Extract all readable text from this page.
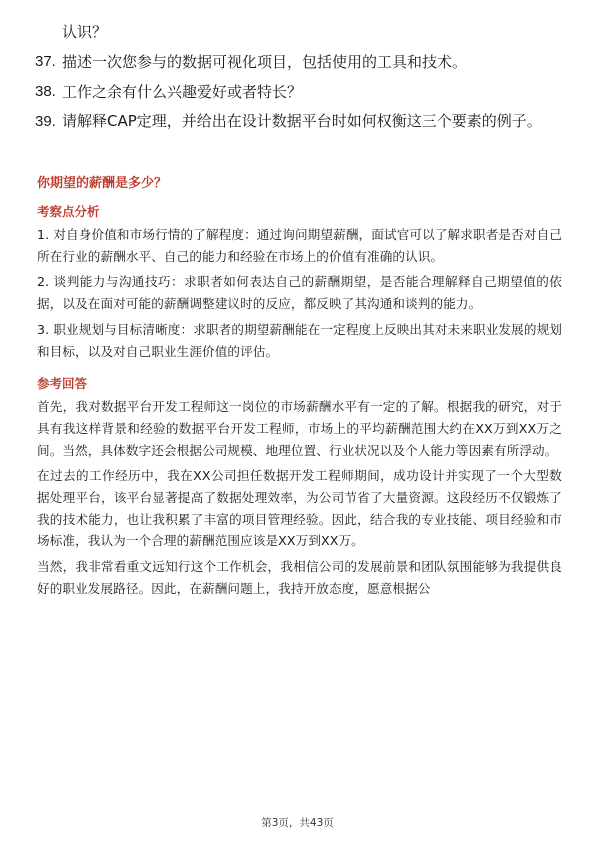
认识？
37. 描述一次您参与的数据可视化项目，包括使用的工具和技术。
38. 工作之余有什么兴趣爱好或者特长？
39. 请解释CAP定理，并给出在设计数据平台时如何权衡这三个要素的例子。
你期望的薪酬是多少？
考察点分析
1. 对自身价值和市场行情的了解程度：通过询问期望薪酬，面试官可以了解求职者是否对自己所在行业的薪酬水平、自己的能力和经验在市场上的价值有准确的认识。
2. 谈判能力与沟通技巧：求职者如何表达自己的薪酬期望，是否能合理解释自己期望值的依据，以及在面对可能的薪酬调整建议时的反应，都反映了其沟通和谈判的能力。
3. 职业规划与目标清晰度：求职者的期望薪酬能在一定程度上反映出其对未来职业发展的规划和目标，以及对自己职业生涯价值的评估。
参考回答
首先，我对数据平台开发工程师这一岗位的市场薪酬水平有一定的了解。根据我的研究，对于具有我这样背景和经验的数据平台开发工程师，市场上的平均薪酬范围大约在XX万到XX万之间。当然，具体数字还会根据公司规模、地理位置、行业状况以及个人能力等因素有所浮动。
在过去的工作经历中，我在XX公司担任数据开发工程师期间，成功设计并实现了一个大型数据处理平台，该平台显著提高了数据处理效率，为公司节省了大量资源。这段经历不仅锻炼了我的技术能力，也让我积累了丰富的项目管理经验。因此，结合我的专业技能、项目经验和市场标准，我认为一个合理的薪酬范围应该是XX万到XX万。
当然，我非常看重文远知行这个工作机会，我相信公司的发展前景和团队氛围能够为我提供良好的职业发展路径。因此，在薪酬问题上，我持开放态度，愿意根据公
第3页，共43页
